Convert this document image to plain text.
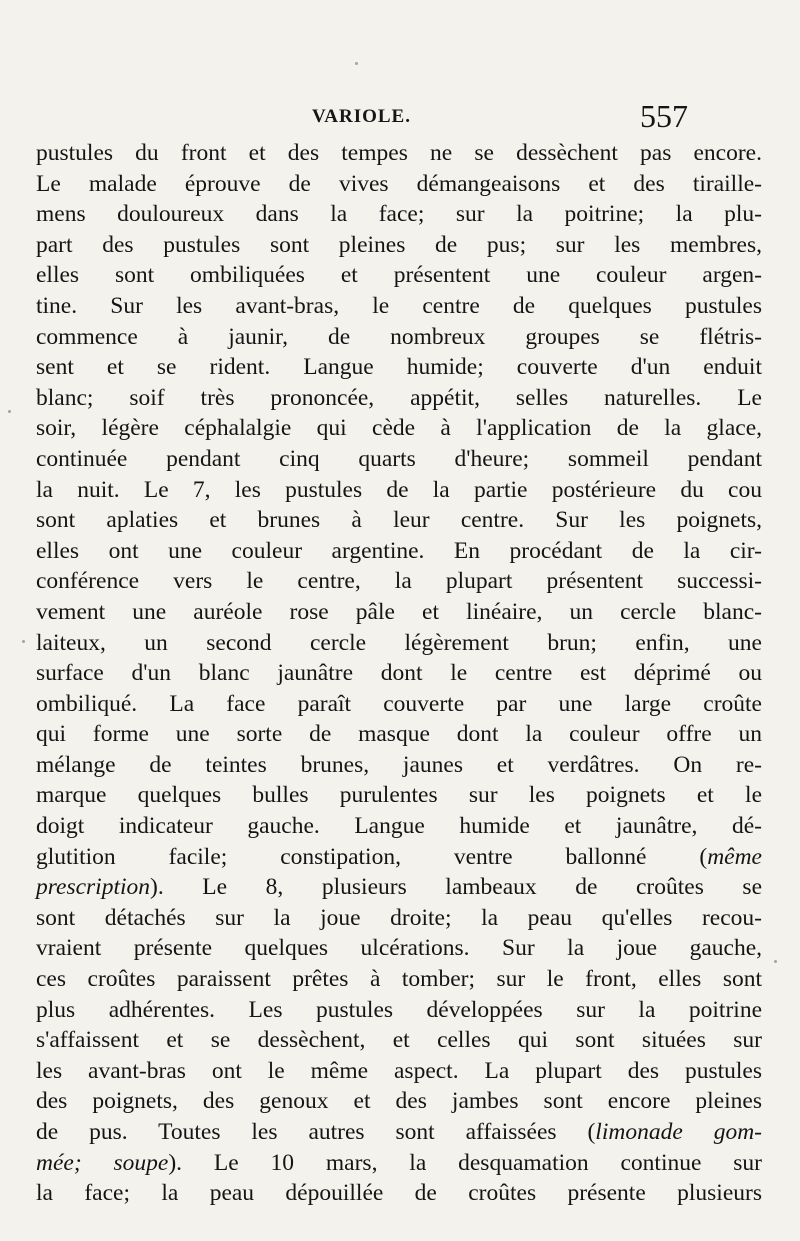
VARIOLE.	557
pustules du front et des tempes ne se dessèchent pas encore.
Le malade éprouve de vives démangeaisons et des tiraille-
mens douloureux dans la face; sur la poitrine; la plu-
part des pustules sont pleines de pus; sur les membres,
elles sont ombiliquées et présentent une couleur argen-
tine. Sur les avant-bras, le centre de quelques pustules
commence à jaunir, de nombreux groupes se flétris-
sent et se rident. Langue humide; couverte d'un enduit
blanc; soif très prononcée, appétit, selles naturelles. Le
soir, légère céphalalgie qui cède à l'application de la glace,
continuée pendant cinq quarts d'heure; sommeil pendant
la nuit. Le 7, les pustules de la partie postérieure du cou
sont aplaties et brunes à leur centre. Sur les poignets,
elles ont une couleur argentine. En procédant de la cir-
conférence vers le centre, la plupart présentent successi-
vement une auréole rose pâle et linéaire, un cercle blanc-
laiteux, un second cercle légèrement brun; enfin, une
surface d'un blanc jaunâtre dont le centre est déprimé ou
ombiliqué. La face paraît couverte par une large croûte
qui forme une sorte de masque dont la couleur offre un
mélange de teintes brunes, jaunes et verdâtres. On re-
marque quelques bulles purulentes sur les poignets et le
doigt indicateur gauche. Langue humide et jaunâtre, dé-
glutition facile; constipation, ventre ballonné (même
prescription). Le 8, plusieurs lambeaux de croûtes se
sont détachés sur la joue droite; la peau qu'elles recou-
vraient présente quelques ulcérations. Sur la joue gauche,
ces croûtes paraissent prêtes à tomber; sur le front, elles sont
plus adhérentes. Les pustules développées sur la poitrine
s'affaissent et se dessèchent, et celles qui sont situées sur
les avant-bras ont le même aspect. La plupart des pustules
des poignets, des genoux et des jambes sont encore pleines
de pus. Toutes les autres sont affaissées (limonade gom-
mée; soupe). Le 10 mars, la desquamation continue sur
la face; la peau dépouillée de croûtes présente plusieurs
